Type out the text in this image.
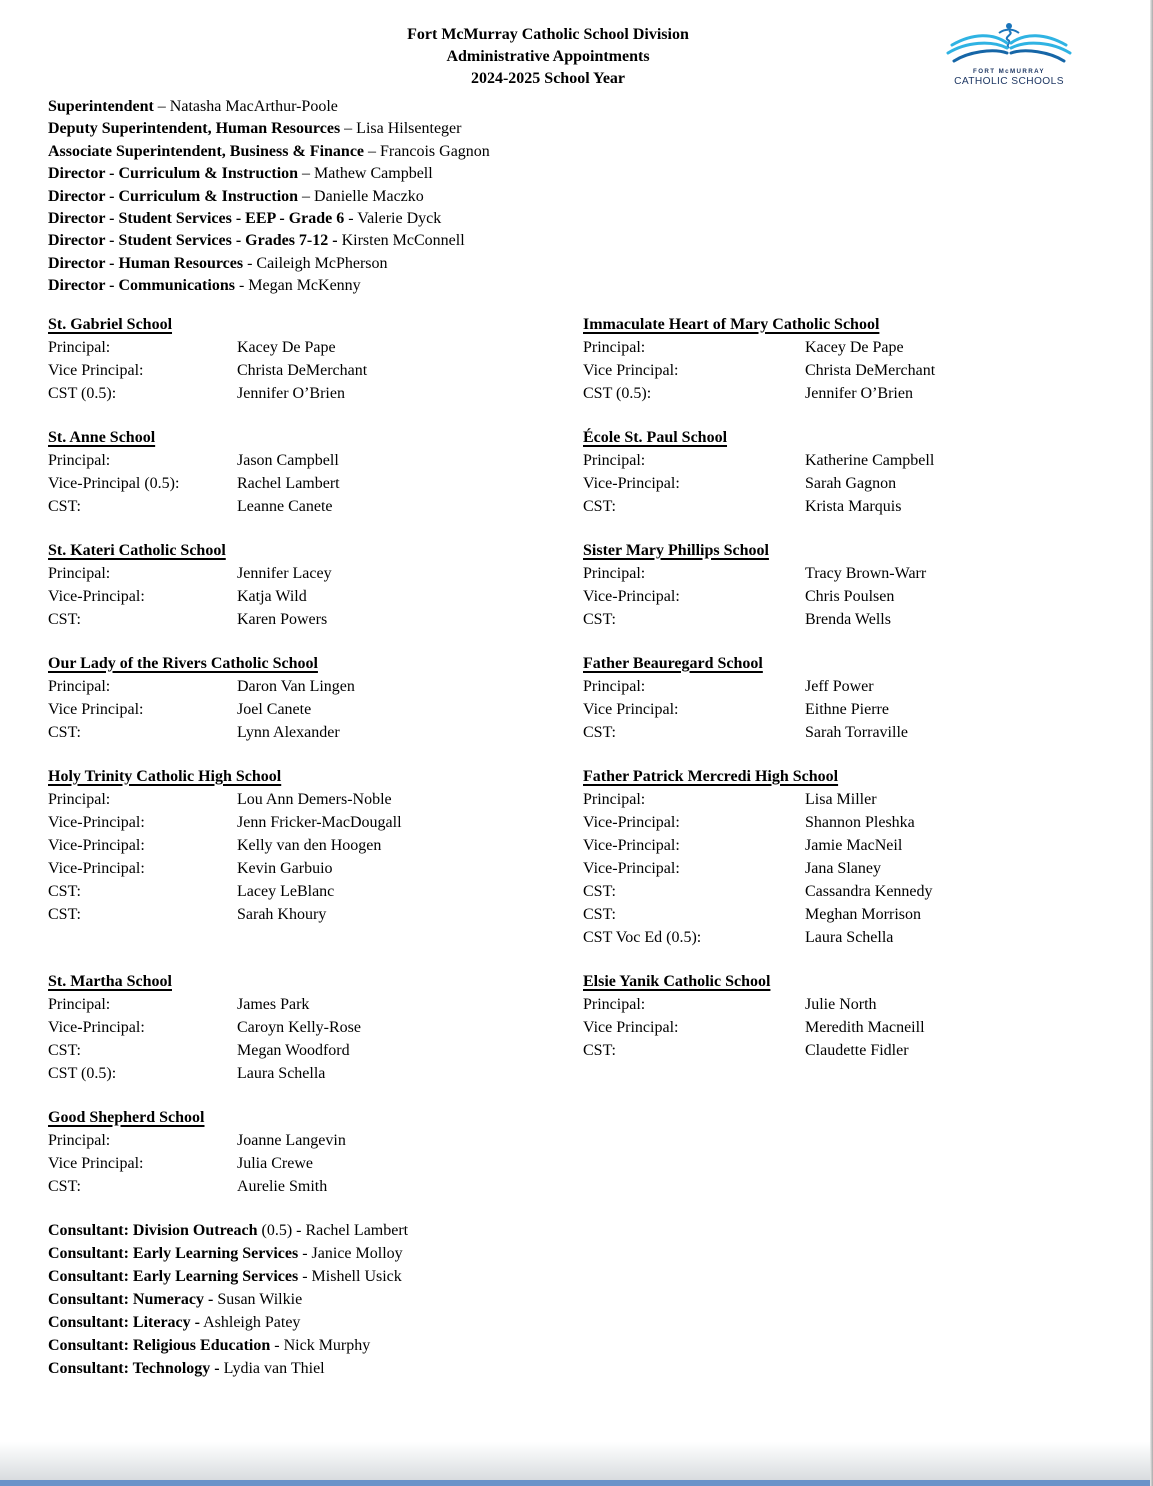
Fort McMurray Catholic School Division
Administrative Appointments
2024-2025 School Year	FORT McMURRAY
CATHOLIC SCHOOLS
Superintendent – Natasha MacArthur-Poole
Deputy Superintendent, Human Resources – Lisa Hilsenteger
Associate Superintendent, Business & Finance – Francois Gagnon
Director - Curriculum & Instruction – Mathew Campbell
Director - Curriculum & Instruction – Danielle Maczko
Director - Student Services - EEP - Grade 6 - Valerie Dyck
Director - Student Services - Grades 7-12 - Kirsten McConnell
Director - Human Resources - Caileigh McPherson
Director - Communications - Megan McKenny
St. Gabriel School
Principal:	Kacey De Pape
Vice Principal:	Christa DeMerchant
CST (0.5):	Jennifer O’Brien
Immaculate Heart of Mary Catholic School
Principal:	Kacey De Pape
Vice Principal:	Christa DeMerchant
CST (0.5):	Jennifer O’Brien
St. Anne School
Principal:	Jason Campbell
Vice-Principal (0.5):	Rachel Lambert
CST:	Leanne Canete
École St. Paul School
Principal:	Katherine Campbell
Vice-Principal:	Sarah Gagnon
CST:	Krista Marquis
St. Kateri Catholic School
Principal:	Jennifer Lacey
Vice-Principal:	Katja Wild
CST:	Karen Powers
Sister Mary Phillips School
Principal:	Tracy Brown-Warr
Vice-Principal:	Chris Poulsen
CST:	Brenda Wells
Our Lady of the Rivers Catholic School
Principal:	Daron Van Lingen
Vice Principal:	Joel Canete
CST:	Lynn Alexander
Father Beauregard School
Principal:	Jeff Power
Vice Principal:	Eithne Pierre
CST:	Sarah Torraville
Holy Trinity Catholic High School
Principal:	Lou Ann Demers-Noble
Vice-Principal:	Jenn Fricker-MacDougall
Vice-Principal:	Kelly van den Hoogen
Vice-Principal:	Kevin Garbuio
CST:	Lacey LeBlanc
CST:	Sarah Khoury
Father Patrick Mercredi High School
Principal:	Lisa Miller
Vice-Principal:	Shannon Pleshka
Vice-Principal:	Jamie MacNeil
Vice-Principal:	Jana Slaney
CST:	Cassandra Kennedy
CST:	Meghan Morrison
CST Voc Ed (0.5):	Laura Schella
St. Martha School
Principal:	James Park
Vice-Principal:	Caroyn Kelly-Rose
CST:	Megan Woodford
CST (0.5):	Laura Schella
Elsie Yanik Catholic School
Principal:	Julie North
Vice Principal:	Meredith Macneill
CST:	Claudette Fidler
Good Shepherd School
Principal:	Joanne Langevin
Vice Principal:	Julia Crewe
CST:	Aurelie Smith
Consultant: Division Outreach (0.5) - Rachel Lambert
Consultant: Early Learning Services - Janice Molloy
Consultant: Early Learning Services - Mishell Usick
Consultant: Numeracy - Susan Wilkie
Consultant: Literacy - Ashleigh Patey
Consultant: Religious Education - Nick Murphy
Consultant: Technology - Lydia van Thiel
